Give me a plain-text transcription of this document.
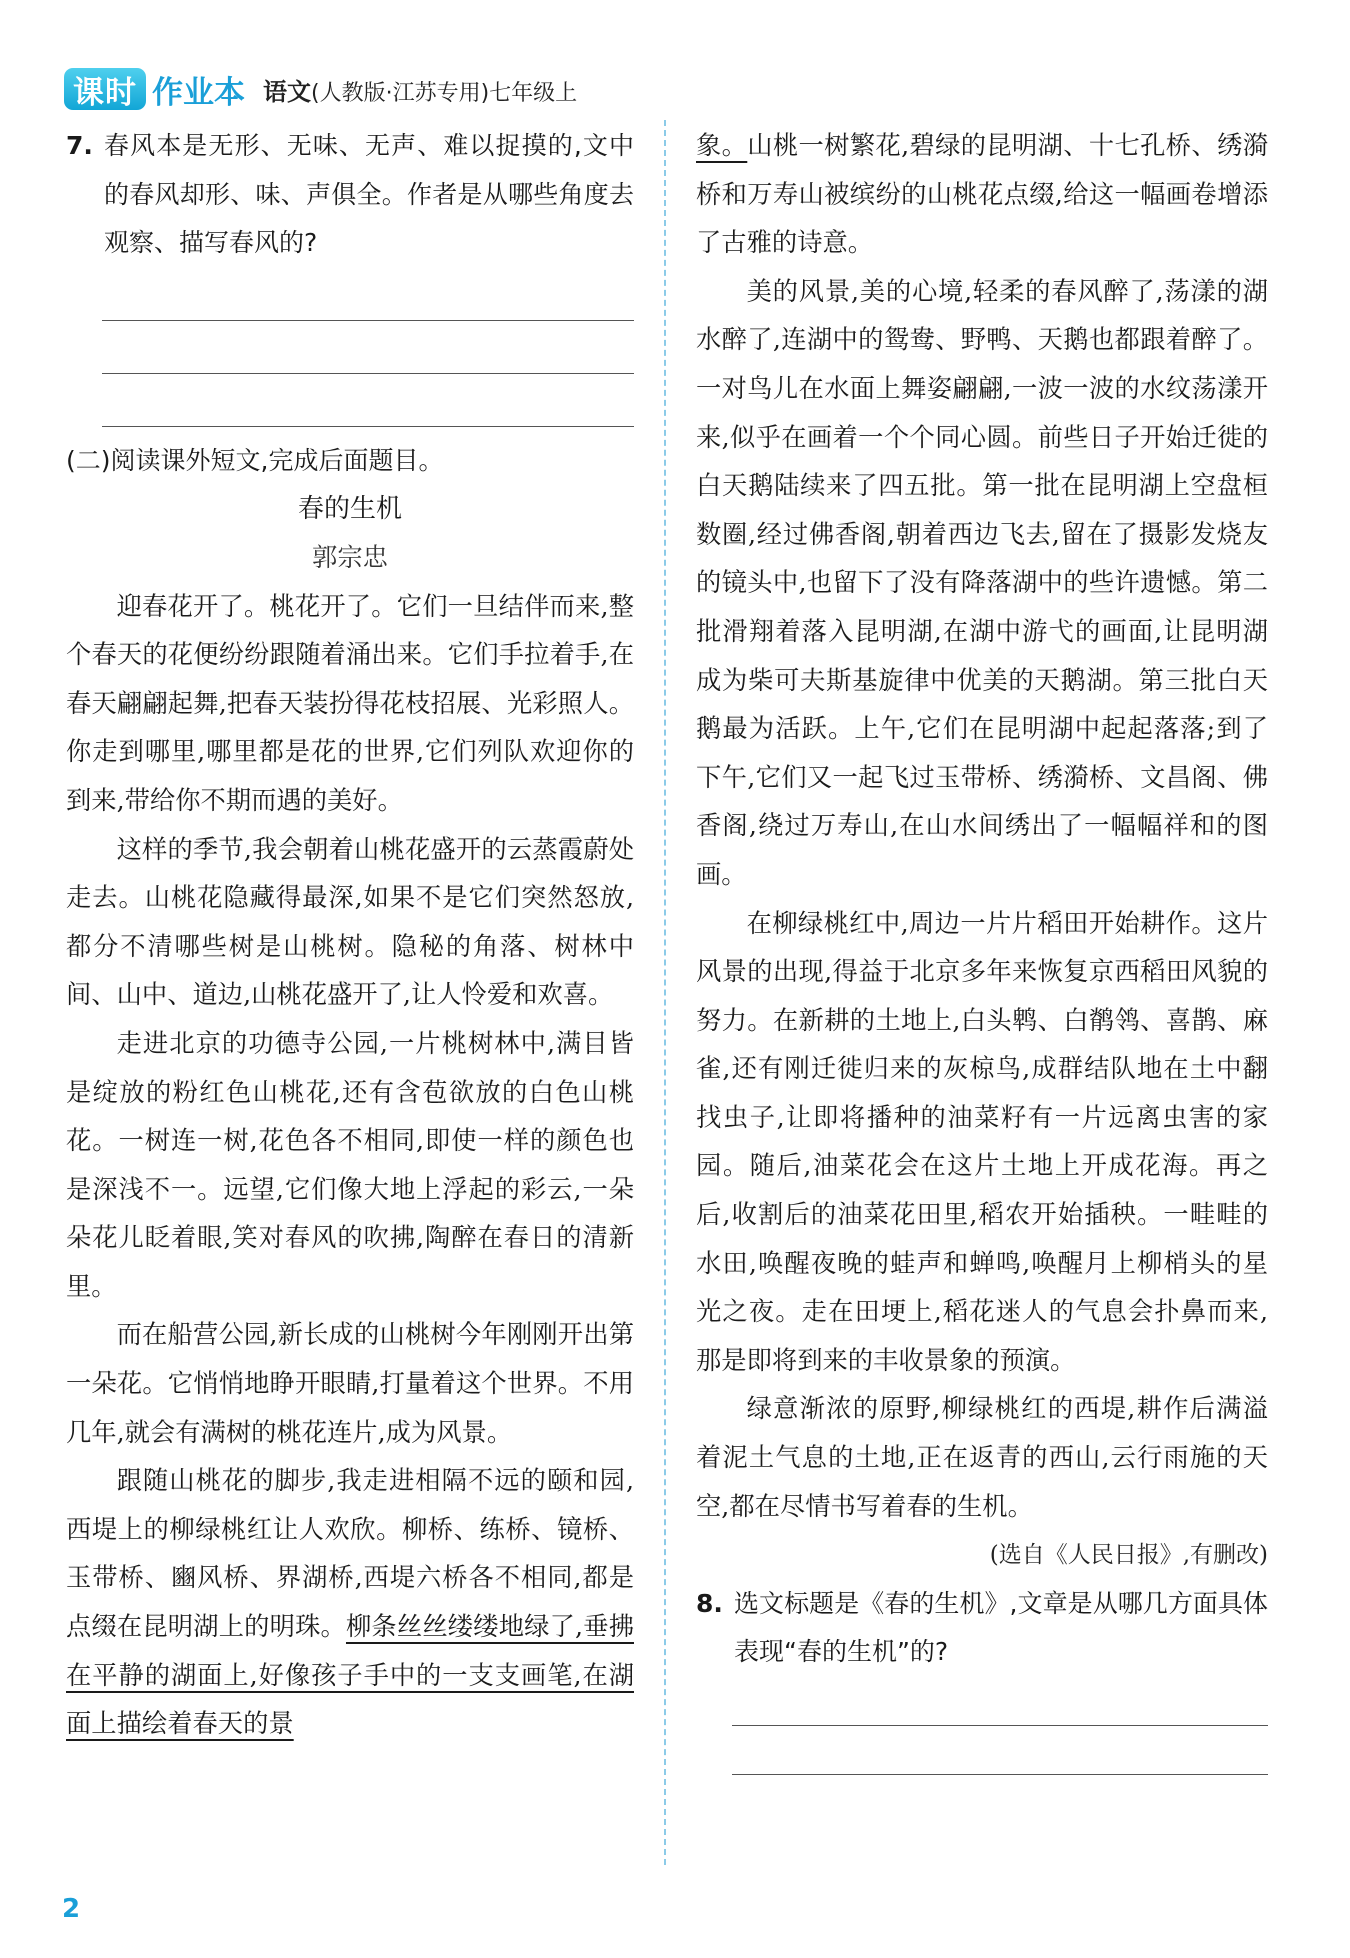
课时 作业本 语文(人教版·江苏专用)七年级上
7. 春风本是无形、无味、无声、难以捉摸的,文中的春风却形、味、声俱全。作者是从哪些角度去观察、描写春风的?
(二)阅读课外短文,完成后面题目。
春的生机
郭宗忠

迎春花开了。桃花开了。它们一旦结伴而来,整个春天的花便纷纷跟随着涌出来。它们手拉着手,在春天翩翩起舞,把春天装扮得花枝招展、光彩照人。你走到哪里,哪里都是花的世界,它们列队欢迎你的到来,带给你不期而遇的美好。

这样的季节,我会朝着山桃花盛开的云蒸霞蔚处走去。山桃花隐藏得最深,如果不是它们突然怒放,都分不清哪些树是山桃树。隐秘的角落、树林中间、山中、道边,山桃花盛开了,让人怜爱和欢喜。

走进北京的功德寺公园,一片桃树林中,满目皆是绽放的粉红色山桃花,还有含苞欲放的白色山桃花。一树连一树,花色各不相同,即使一样的颜色也是深浅不一。远望,它们像大地上浮起的彩云,一朵朵花儿眨着眼,笑对春风的吹拂,陶醉在春日的清新里。

而在船营公园,新长成的山桃树今年刚刚开出第一朵花。它悄悄地睁开眼睛,打量着这个世界。不用几年,就会有满树的桃花连片,成为风景。

跟随山桃花的脚步,我走进相隔不远的颐和园,西堤上的柳绿桃红让人欢欣。柳桥、练桥、镜桥、玉带桥、豳风桥、界湖桥,西堤六桥各不相同,都是点缀在昆明湖上的明珠。柳条丝丝缕缕地绿了,垂拂在平静的湖面上,好像孩子手中的一支支画笔,在湖面上描绘着春天的景

象。山桃一树繁花,碧绿的昆明湖、十七孔桥、绣漪桥和万寿山被缤纷的山桃花点缀,给这一幅画卷增添了古雅的诗意。

美的风景,美的心境,轻柔的春风醉了,荡漾的湖水醉了,连湖中的鸳鸯、野鸭、天鹅也都跟着醉了。一对鸟儿在水面上舞姿翩翩,一波一波的水纹荡漾开来,似乎在画着一个个同心圆。前些日子开始迁徙的白天鹅陆续来了四五批。第一批在昆明湖上空盘桓数圈,经过佛香阁,朝着西边飞去,留在了摄影发烧友的镜头中,也留下了没有降落湖中的些许遗憾。第二批滑翔着落入昆明湖,在湖中游弋的画面,让昆明湖成为柴可夫斯基旋律中优美的天鹅湖。第三批白天鹅最为活跃。上午,它们在昆明湖中起起落落;到了下午,它们又一起飞过玉带桥、绣漪桥、文昌阁、佛香阁,绕过万寿山,在山水间绣出了一幅幅祥和的图画。

在柳绿桃红中,周边一片片稻田开始耕作。这片风景的出现,得益于北京多年来恢复京西稻田风貌的努力。在新耕的土地上,白头鹎、白鹡鸰、喜鹊、麻雀,还有刚迁徙归来的灰椋鸟,成群结队地在土中翻找虫子,让即将播种的油菜籽有一片远离虫害的家园。随后,油菜花会在这片土地上开成花海。再之后,收割后的油菜花田里,稻农开始插秧。一畦畦的水田,唤醒夜晚的蛙声和蝉鸣,唤醒月上柳梢头的星光之夜。走在田埂上,稻花迷人的气息会扑鼻而来,那是即将到来的丰收景象的预演。

绿意渐浓的原野,柳绿桃红的西堤,耕作后满溢着泥土气息的土地,正在返青的西山,云行雨施的天空,都在尽情书写着春的生机。

(选自《人民日报》,有删改)
8. 选文标题是《春的生机》,文章是从哪几方面具体表现“春的生机”的?
2
